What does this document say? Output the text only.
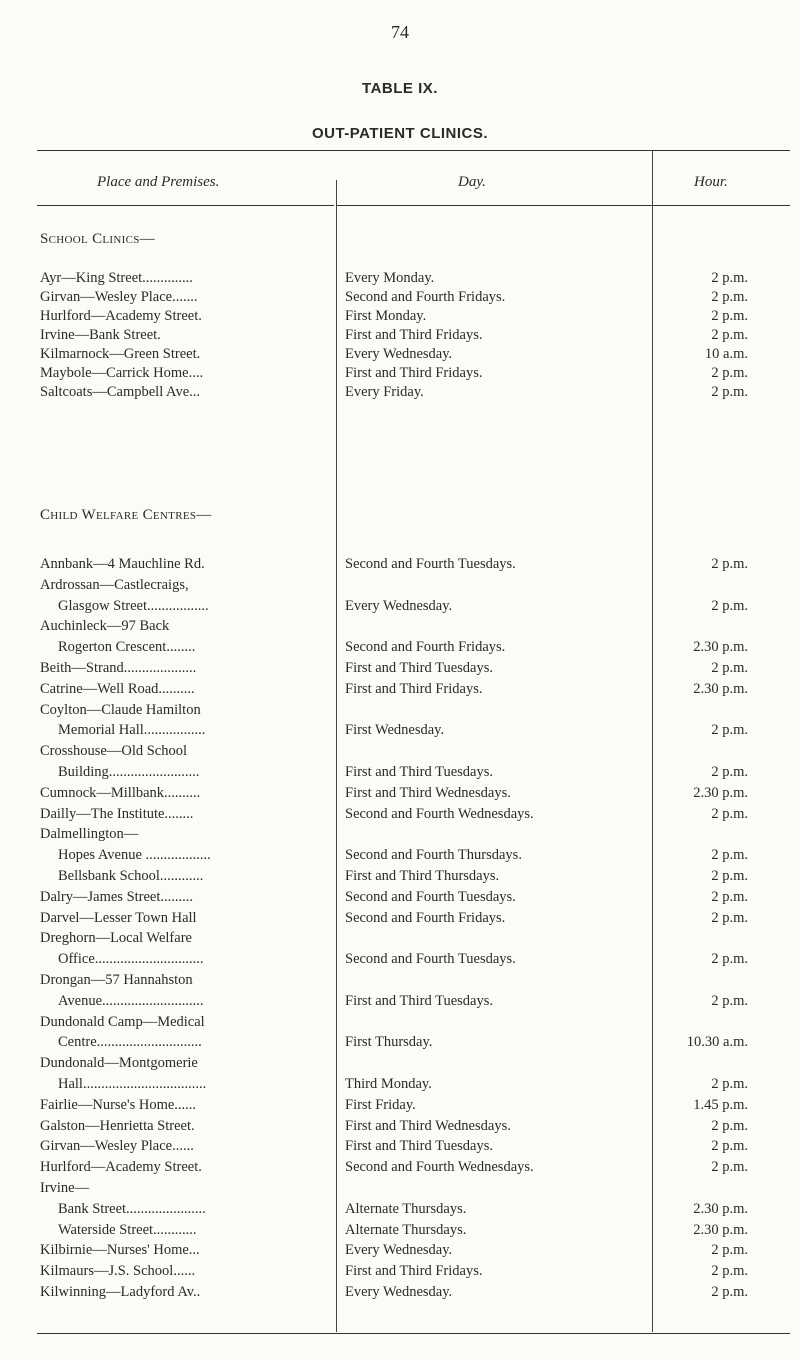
74
TABLE IX.
OUT-PATIENT CLINICS.
Place and Premises.	Day.	Hour.
School Clinics—
Ayr—King Street..............	Every Monday.	2 p.m.
Girvan—Wesley Place.......	Second and Fourth Fridays.	2 p.m.
Hurlford—Academy Street.	First Monday.	2 p.m.
Irvine—Bank Street.	First and Third Fridays.	2 p.m.
Kilmarnock—Green Street.	Every Wednesday.	10 a.m.
Maybole—Carrick Home....	First and Third Fridays.	2 p.m.
Saltcoats—Campbell Ave...	Every Friday.	2 p.m.
Child Welfare Centres—
Annbank—4 Mauchline Rd.	Second and Fourth Tuesdays.	2 p.m.
Ardrossan—Castlecraigs,
Glasgow Street.................	Every Wednesday.	2 p.m.
Auchinleck—97 Back
Rogerton Crescent........	Second and Fourth Fridays.	2.30 p.m.
Beith—Strand....................	First and Third Tuesdays.	2 p.m.
Catrine—Well Road..........	First and Third Fridays.	2.30 p.m.
Coylton—Claude Hamilton
Memorial Hall.................	First Wednesday.	2 p.m.
Crosshouse—Old School
Building.........................	First and Third Tuesdays.	2 p.m.
Cumnock—Millbank..........	First and Third Wednesdays.	2.30 p.m.
Dailly—The Institute........	Second and Fourth Wednesdays.	2 p.m.
Dalmellington—
Hopes Avenue ..................	Second and Fourth Thursdays.	2 p.m.
Bellsbank School............	First and Third Thursdays.	2 p.m.
Dalry—James Street.........	Second and Fourth Tuesdays.	2 p.m.
Darvel—Lesser Town Hall	Second and Fourth Fridays.	2 p.m.
Dreghorn—Local Welfare
Office..............................	Second and Fourth Tuesdays.	2 p.m.
Drongan—57 Hannahston
Avenue............................	First and Third Tuesdays.	2 p.m.
Dundonald Camp—Medical
Centre.............................	First Thursday.	10.30 a.m.
Dundonald—Montgomerie
Hall..................................	Third Monday.	2 p.m.
Fairlie—Nurse's Home......	First Friday.	1.45 p.m.
Galston—Henrietta Street.	First and Third Wednesdays.	2 p.m.
Girvan—Wesley Place......	First and Third Tuesdays.	2 p.m.
Hurlford—Academy Street.	Second and Fourth Wednesdays.	2 p.m.
Irvine—
Bank Street......................	Alternate Thursdays.	2.30 p.m.
Waterside Street............	Alternate Thursdays.	2.30 p.m.
Kilbirnie—Nurses' Home...	Every Wednesday.	2 p.m.
Kilmaurs—J.S. School......	First and Third Fridays.	2 p.m.
Kilwinning—Ladyford Av..	Every Wednesday.	2 p.m.
